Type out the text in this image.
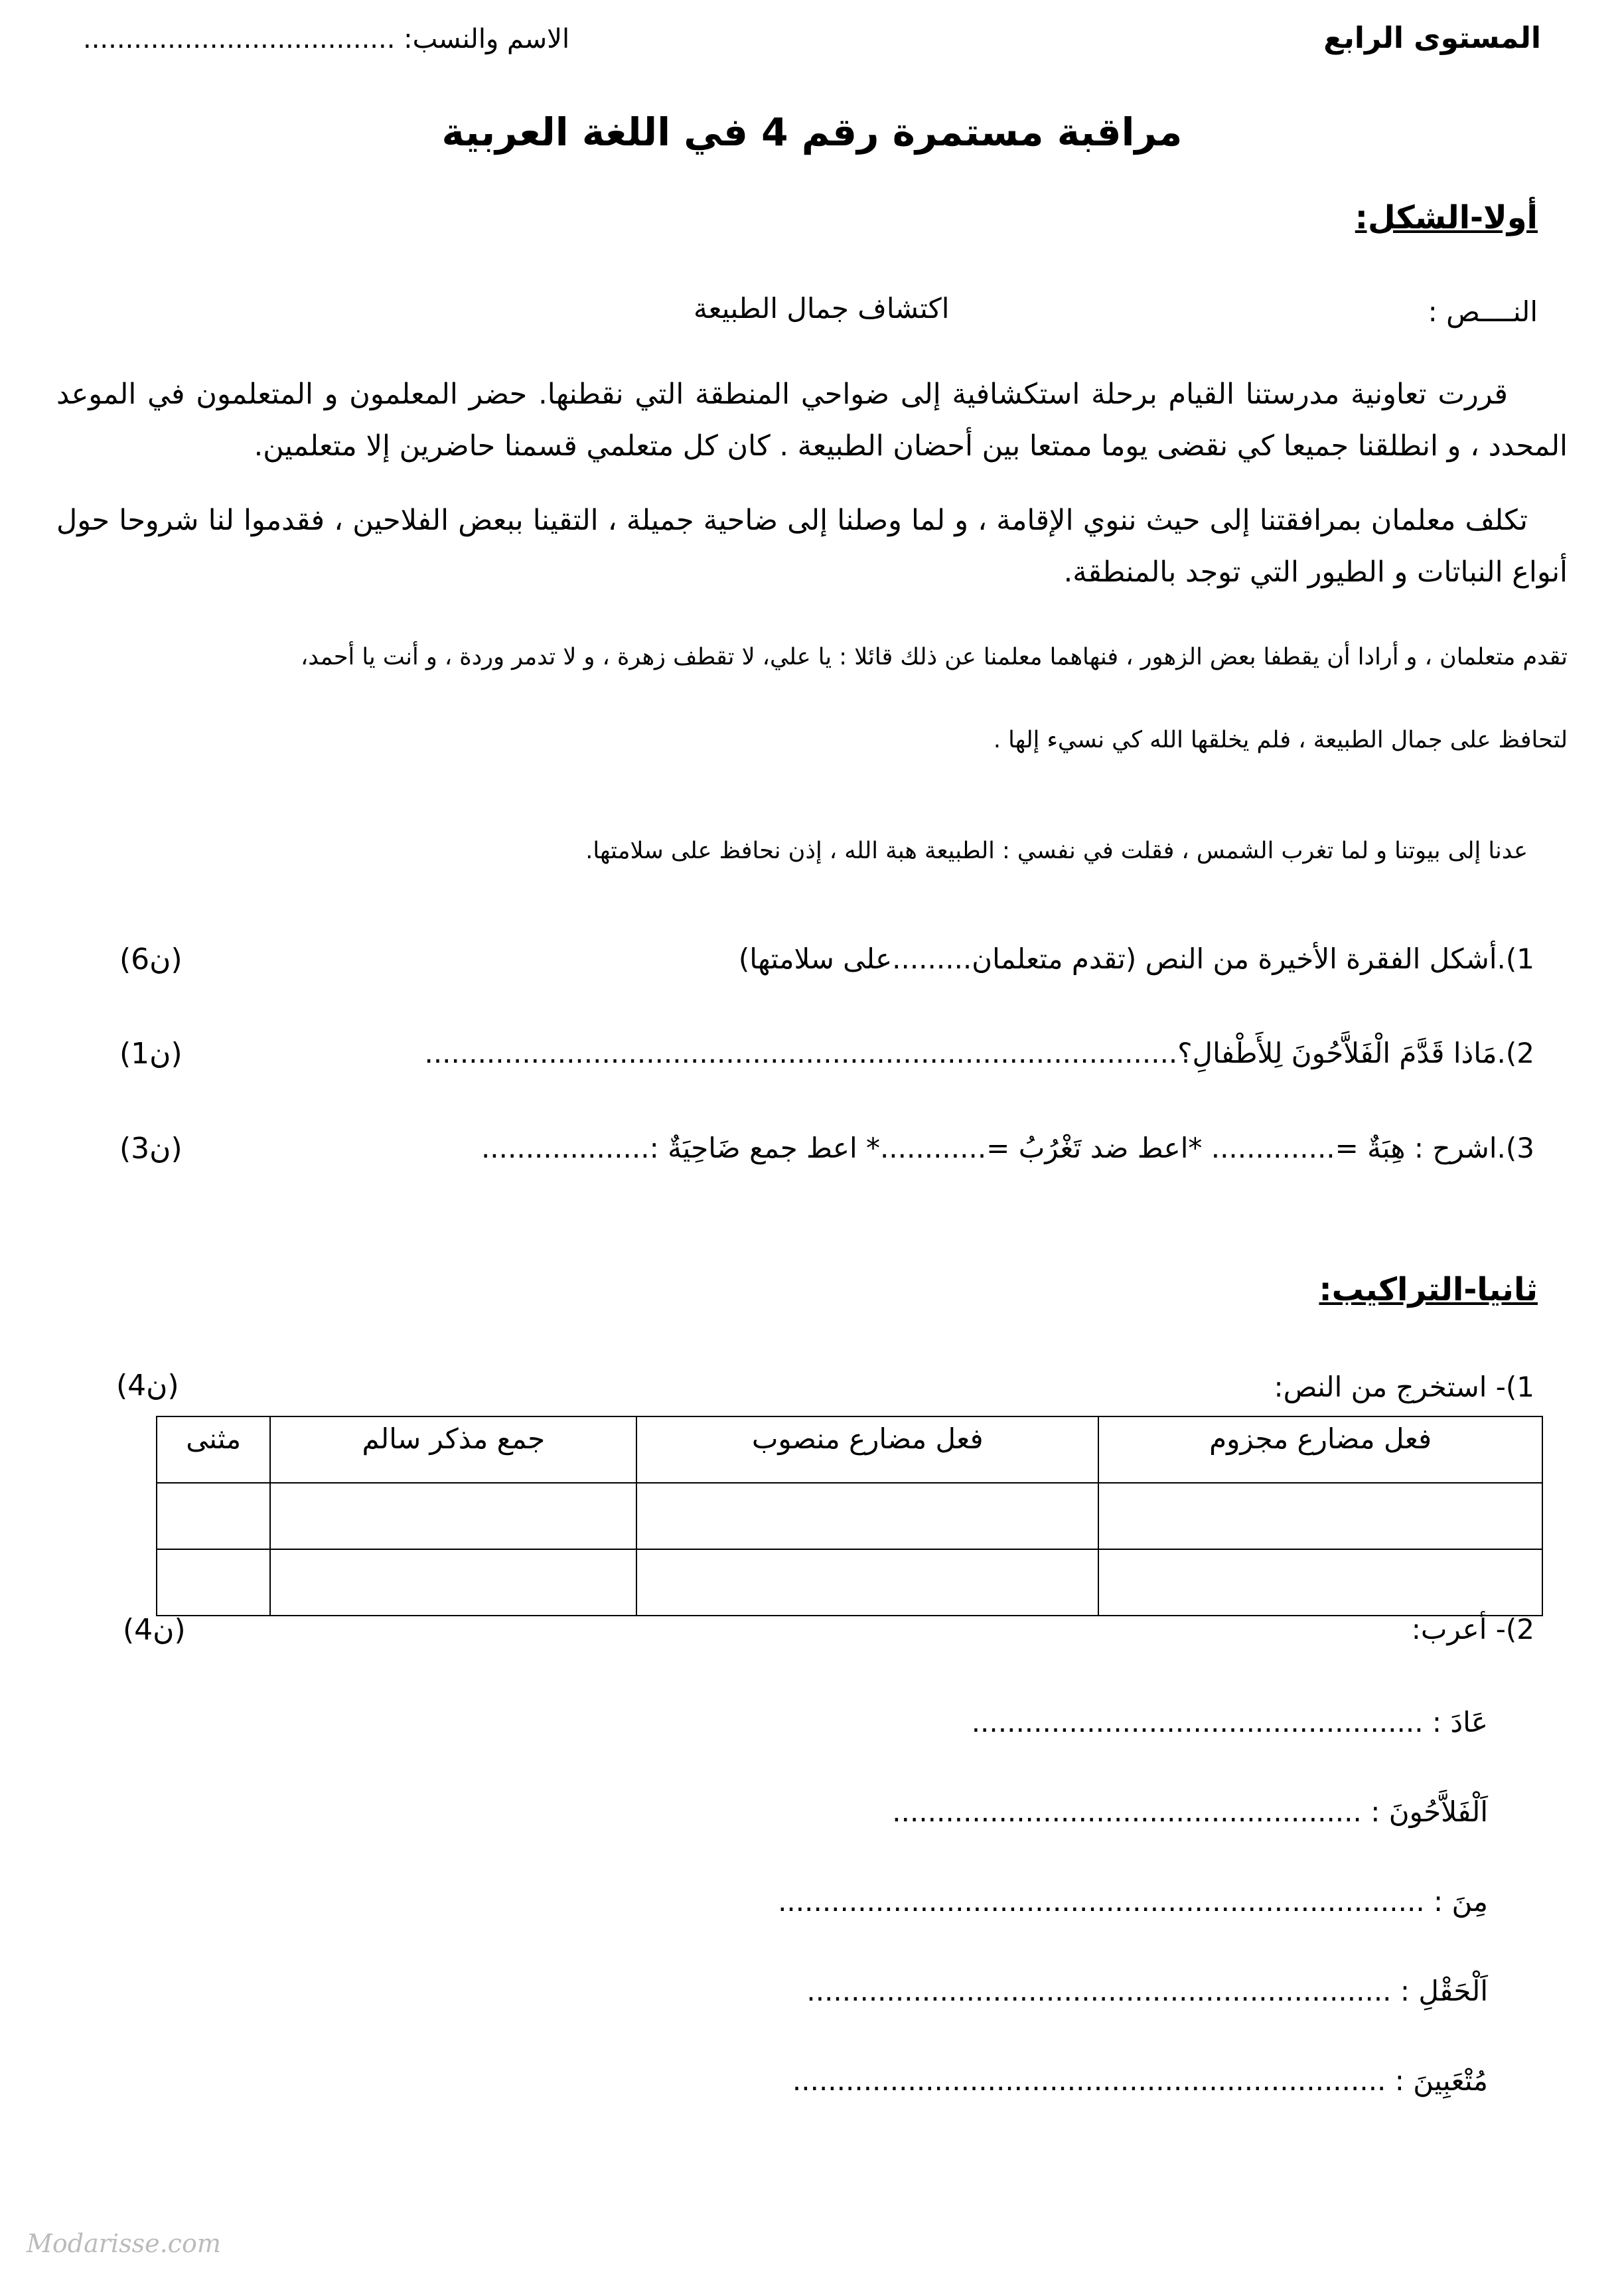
المستوى الرابع
الاسم والنسب: .....................................
مراقبة مستمرة رقم 4 في اللغة العربية
أولا-الشكل:
النــــص :
اكتشاف جمال الطبيعة
قررت تعاونية مدرستنا القيام برحلة استكشافية إلى ضواحي المنطقة التي نقطنها. حضر المعلمون و المتعلمون في الموعد المحدد ، و انطلقنا جميعا كي نقضى يوما ممتعا بين أحضان الطبيعة . كان كل متعلمي قسمنا حاضرين إلا متعلمين.
تكلف معلمان بمرافقتنا إلى حيث ننوي الإقامة ، و لما وصلنا إلى ضاحية جميلة ، التقينا ببعض الفلاحين ، فقدموا لنا شروحا حول أنواع النباتات و الطيور التي توجد بالمنطقة.
تقدم متعلمان ، و أرادا أن يقطفا بعض الزهور ، فنهاهما معلمنا عن ذلك قائلا : يا علي، لا تقطف زهرة ، و لا تدمر وردة ، و أنت يا أحمد،
لتحافظ على جمال الطبيعة ، فلم يخلقها الله كي نسيء إلها .
عدنا إلى بيوتنا و لما تغرب الشمس ، فقلت في نفسي : الطبيعة هبة الله ، إذن نحافظ على سلامتها.
1).أشكل الفقرة الأخيرة من النص (تقدم متعلمان.........على سلامتها)
(6ن)
2).مَاذا قَدَّمَ الْفَلاَّحُونَ لِلأَطْفالِ؟.....................................................................................
(1ن)
3).اشرح : هِبَةٌ =.............. *اعط ضد تَغْرُبُ =............* اعط جمع ضَاحِيَةٌ :...................
(3ن)
ثانيا-التراكيب:
1)- استخرج من النص:
(4ن)
فعل مضارع مجزوم	فعل مضارع منصوب	جمع مذكر سالم	مثنى

2)- أعرب:
(4ن)
عَادَ : ...................................................
اَلْفَلاَّحُونَ : .....................................................
مِنَ : .........................................................................
اَلْحَقْلِ : ..................................................................
مُتْعَبِينَ : ...................................................................
Modarisse.com
